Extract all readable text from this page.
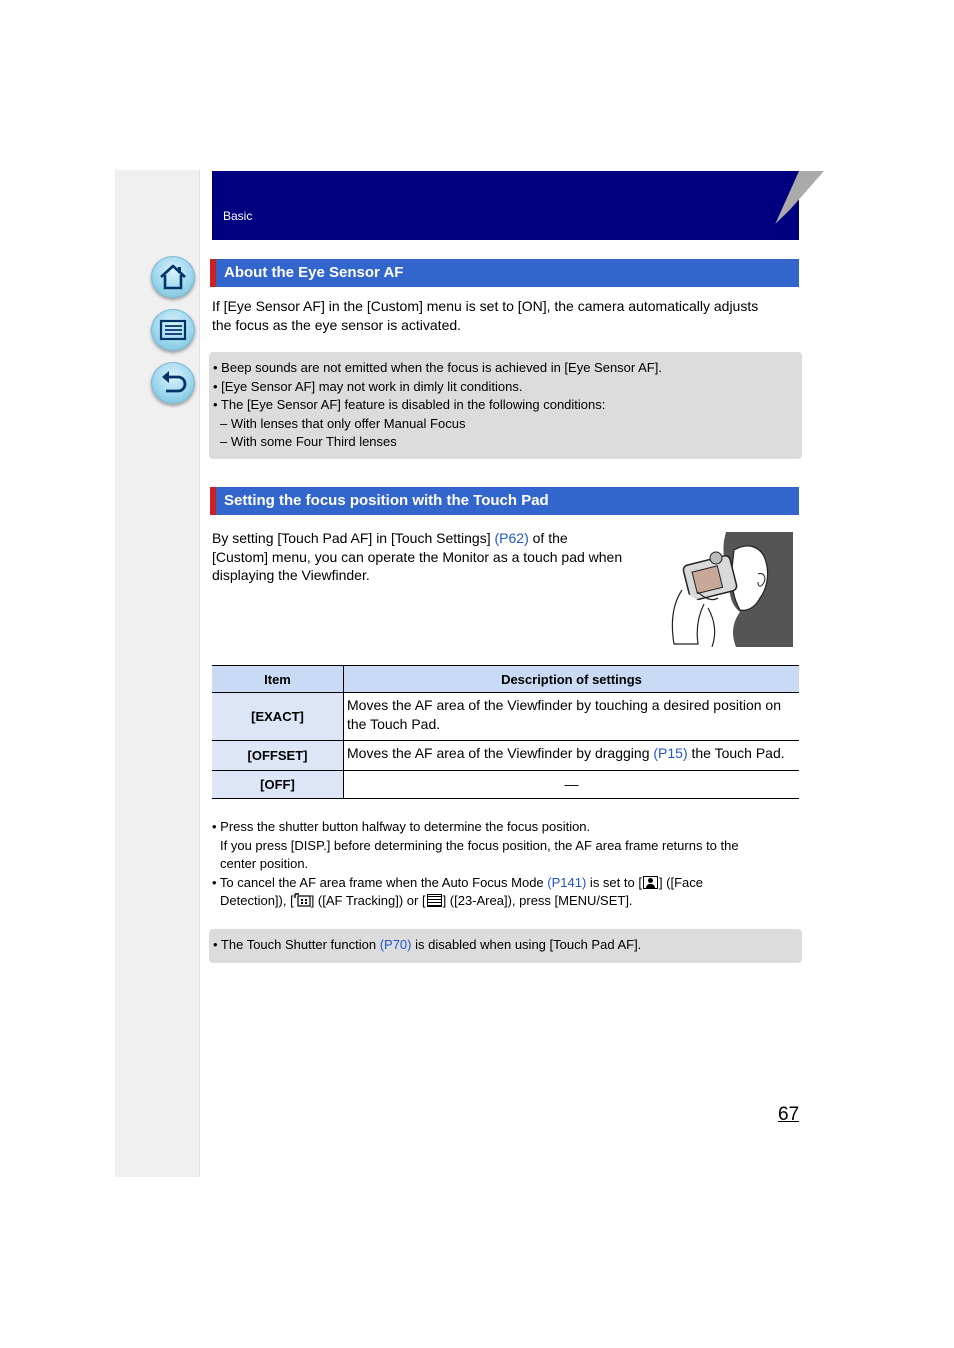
Basic
About the Eye Sensor AF
If [Eye Sensor AF] in the [Custom] menu is set to [ON], the camera automatically adjusts
the focus as the eye sensor is activated.
• Beep sounds are not emitted when the focus is achieved in [Eye Sensor AF].
• [Eye Sensor AF] may not work in dimly lit conditions.
• The [Eye Sensor AF] feature is disabled in the following conditions:
– With lenses that only offer Manual Focus
– With some Four Third lenses
Setting the focus position with the Touch Pad
By setting [Touch Pad AF] in [Touch Settings] (P62) of the
[Custom] menu, you can operate the Monitor as a touch pad when
displaying the Viewfinder.
Item	Description of settings
[EXACT]	Moves the AF area of the Viewfinder by touching a desired position on the Touch Pad.
[OFFSET]	Moves the AF area of the Viewfinder by dragging (P15) the Touch Pad.
[OFF]	—
• Press the shutter button halfway to determine the focus position.
If you press [DISP.] before determining the focus position, the AF area frame returns to the
center position.
• To cancel the AF area frame when the Auto Focus Mode (P141) is set to [ ] ([Face
Detection]), [ ] ([AF Tracking]) or [ ] ([23-Area]), press [MENU/SET].
• The Touch Shutter function (P70) is disabled when using [Touch Pad AF].
67
